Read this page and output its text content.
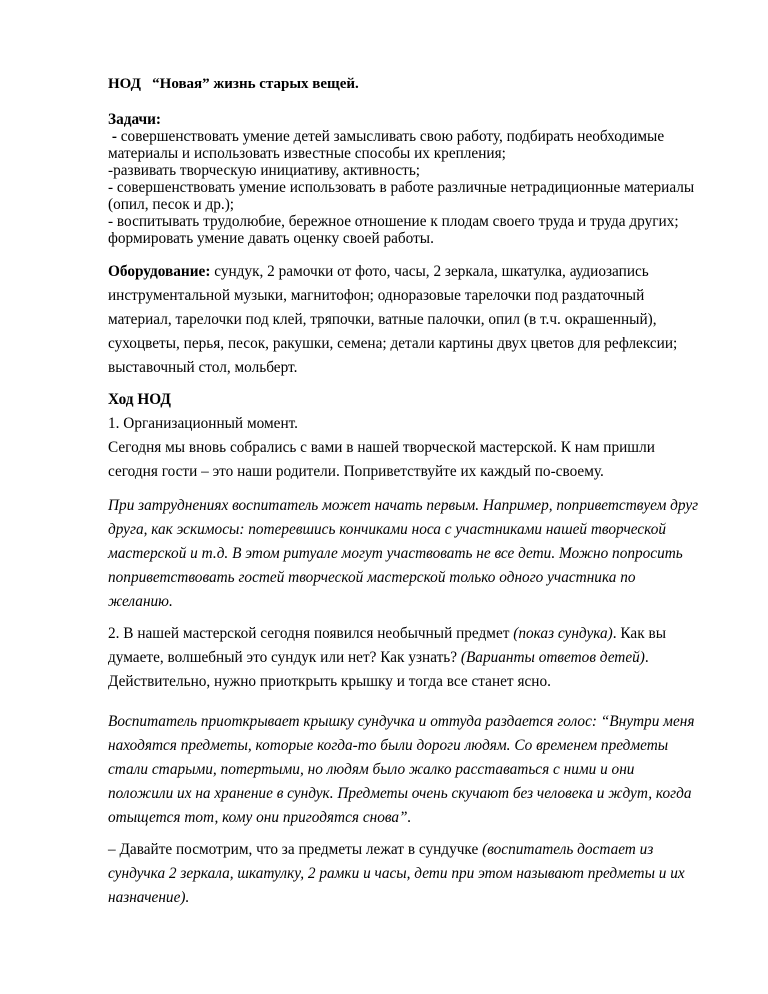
НОД   “Новая” жизнь старых вещей.
Задачи:
- совершенствовать умение детей замысливать свою работу, подбирать необходимые
материалы и использовать известные способы их крепления;
-развивать творческую инициативу, активность;
- совершенствовать умение использовать в работе различные нетрадиционные материалы
(опил, песок и др.);
- воспитывать трудолюбие, бережное отношение к плодам своего труда и труда других;
формировать умение давать оценку своей работы.
Оборудование: сундук, 2 рамочки от фото, часы, 2 зеркала, шкатулка, аудиозапись
инструментальной музыки, магнитофон; одноразовые тарелочки под раздаточный
материал, тарелочки под клей, тряпочки, ватные палочки, опил (в т.ч. окрашенный),
сухоцветы, перья, песок, ракушки, семена; детали картины двух цветов для рефлексии;
выставочный стол, мольберт.
Ход НОД
1. Организационный момент.
Сегодня мы вновь собрались с вами в нашей творческой мастерской. К нам пришли
сегодня гости – это наши родители. Поприветствуйте их каждый по-своему.
При затруднениях воспитатель может начать первым. Например, поприветствуем друг
друга, как эскимосы: потеревшись кончиками носа с участниками нашей творческой
мастерской и т.д. В этом ритуале могут участвовать не все дети. Можно попросить
поприветствовать гостей творческой мастерской только одного участника по
желанию.
2. В нашей мастерской сегодня появился необычный предмет (показ сундука). Как вы
думаете, волшебный это сундук или нет? Как узнать? (Варианты ответов детей).
Действительно, нужно приоткрыть крышку и тогда все станет ясно.
Воспитатель приоткрывает крышку сундучка и оттуда раздается голос: “Внутри меня
находятся предметы, которые когда-то были дороги людям. Со временем предметы
стали старыми, потертыми, но людям было жалко расставаться с ними и они
положили их на хранение в сундук. Предметы очень скучают без человека и ждут, когда
отыщется тот, кому они пригодятся снова”.
– Давайте посмотрим, что за предметы лежат в сундучке (воспитатель достает из
сундучка 2 зеркала, шкатулку, 2 рамки и часы, дети при этом называют предметы и их
назначение).
